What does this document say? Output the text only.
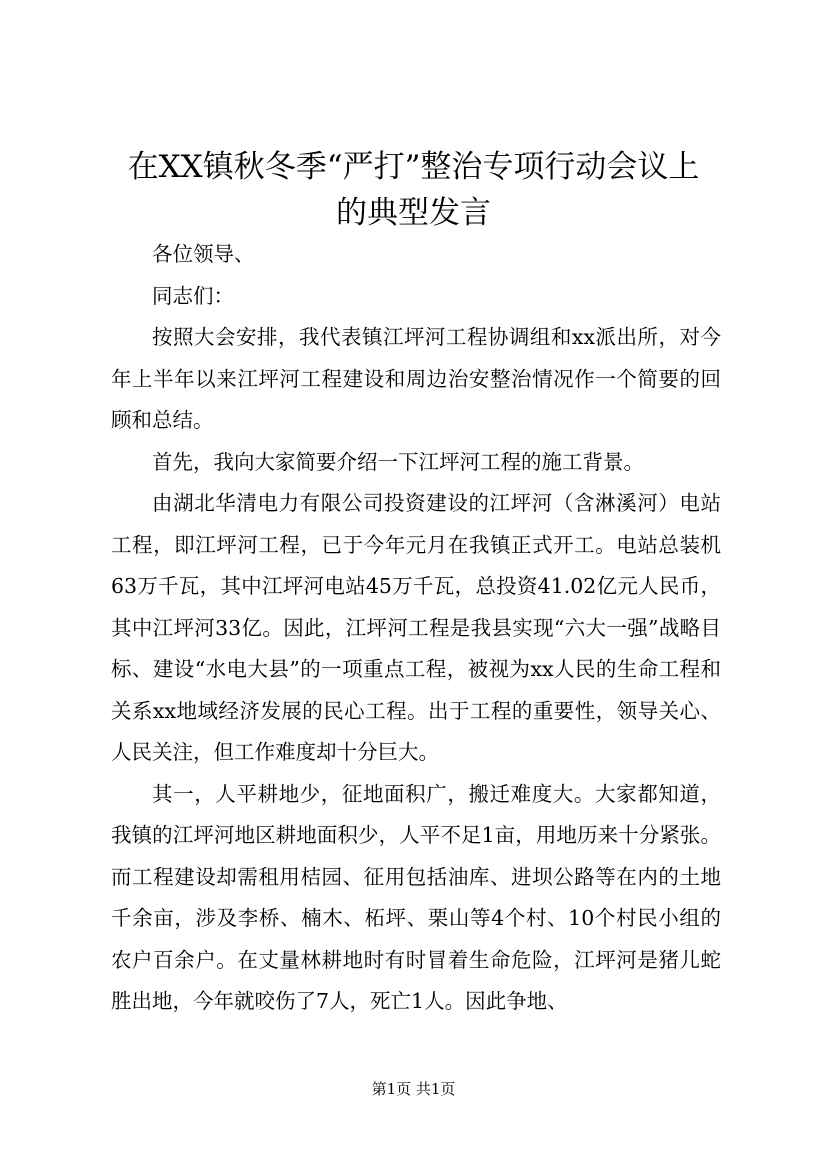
在XX镇秋冬季“严打”整治专项行动会议上
的典型发言

各位领导、

同志们：

按照大会安排，我代表镇江坪河工程协调组和xx派出所，对今年上半年以来江坪河工程建设和周边治安整治情况作一个简要的回顾和总结。

首先，我向大家简要介绍一下江坪河工程的施工背景。

由湖北华清电力有限公司投资建设的江坪河（含淋溪河）电站工程，即江坪河工程，已于今年元月在我镇正式开工。电站总装机63万千瓦，其中江坪河电站45万千瓦，总投资41.02亿元人民币，其中江坪河33亿。因此，江坪河工程是我县实现“六大一强”战略目标、建设“水电大县”的一项重点工程，被视为xx人民的生命工程和关系xx地域经济发展的民心工程。出于工程的重要性，领导关心、人民关注，但工作难度却十分巨大。

其一，人平耕地少，征地面积广，搬迁难度大。大家都知道，我镇的江坪河地区耕地面积少，人平不足1亩，用地历来十分紧张。而工程建设却需租用桔园、征用包括油库、进坝公路等在内的土地千余亩，涉及李桥、楠木、柘坪、栗山等4个村、10个村民小组的农户百余户。在丈量林耕地时有时冒着生命危险，江坪河是猪儿蛇胜出地，今年就咬伤了7人，死亡1人。因此争地、

第1页 共1页
